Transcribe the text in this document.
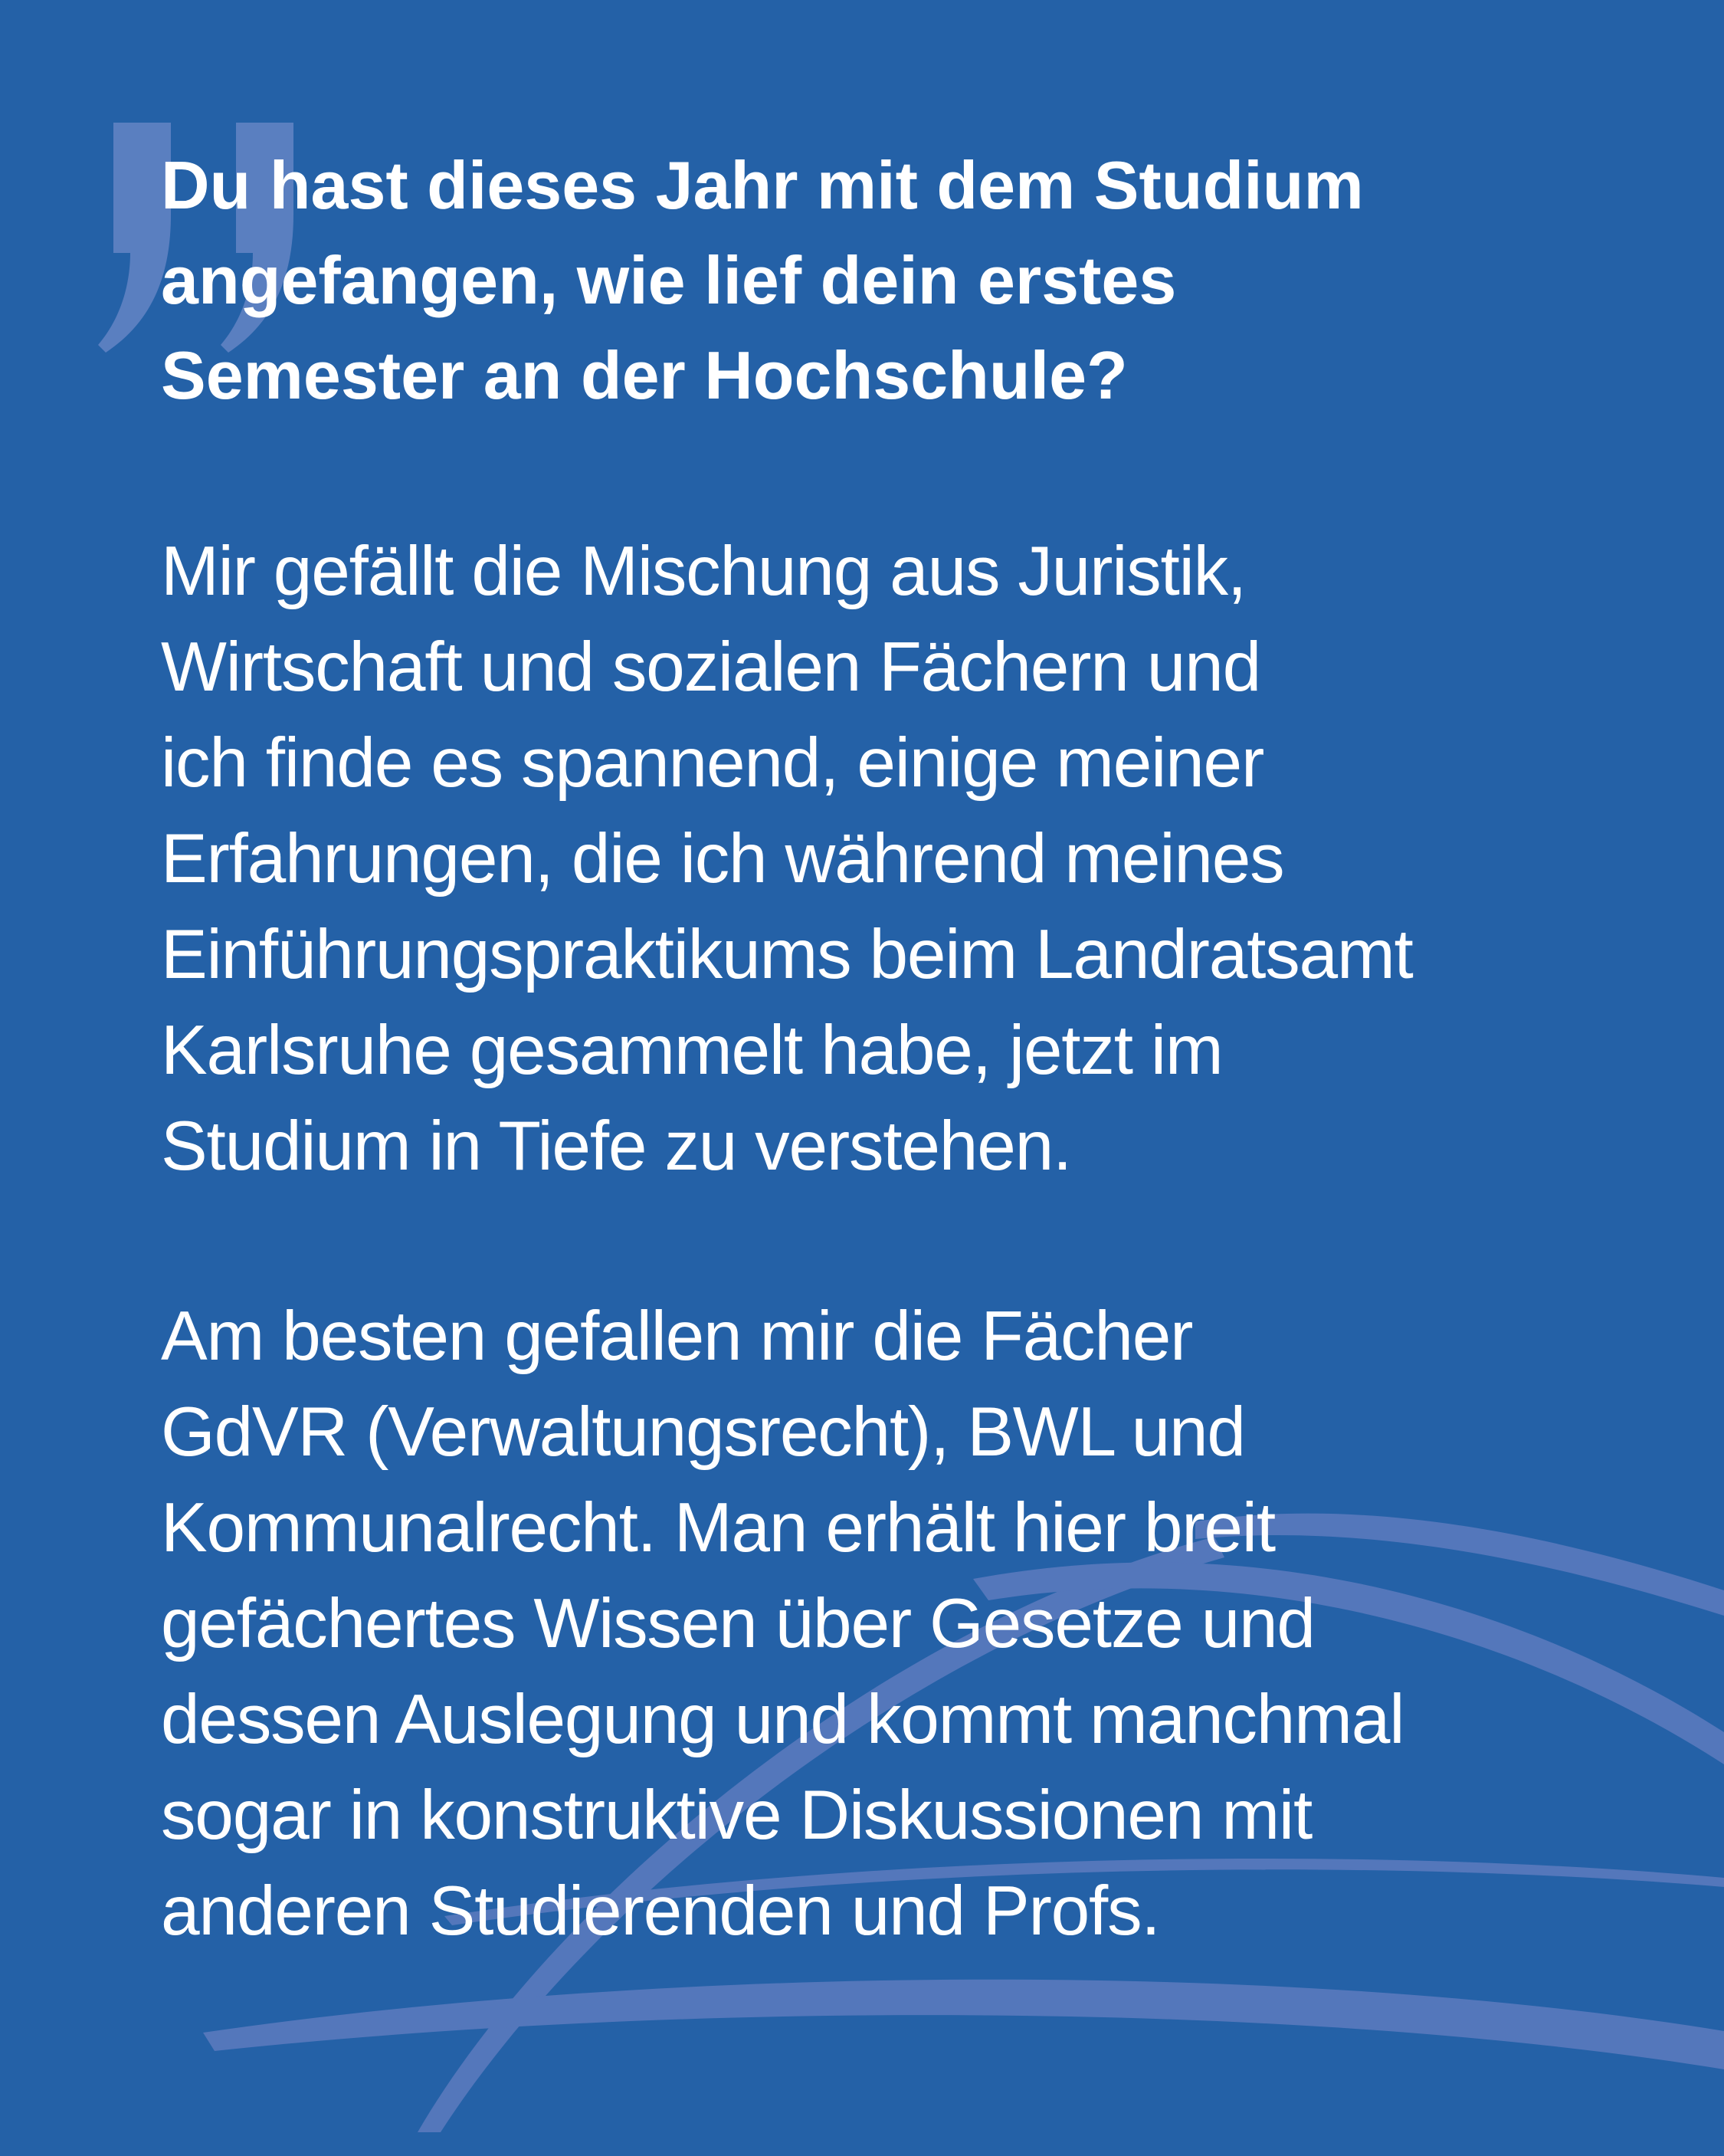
Du hast dieses Jahr mit dem Studium
angefangen, wie lief dein erstes
Semester an der Hochschule?

Mir gefällt die Mischung aus Juristik,
Wirtschaft und sozialen Fächern und
ich finde es spannend, einige meiner
Erfahrungen, die ich während meines
Einführungspraktikums beim Landratsamt
Karlsruhe gesammelt habe, jetzt im
Studium in Tiefe zu verstehen.

Am besten gefallen mir die Fächer
GdVR (Verwaltungsrecht), BWL und
Kommunalrecht. Man erhält hier breit
gefächertes Wissen über Gesetze und
dessen Auslegung und kommt manchmal
sogar in konstruktive Diskussionen mit
anderen Studierenden und Profs.
